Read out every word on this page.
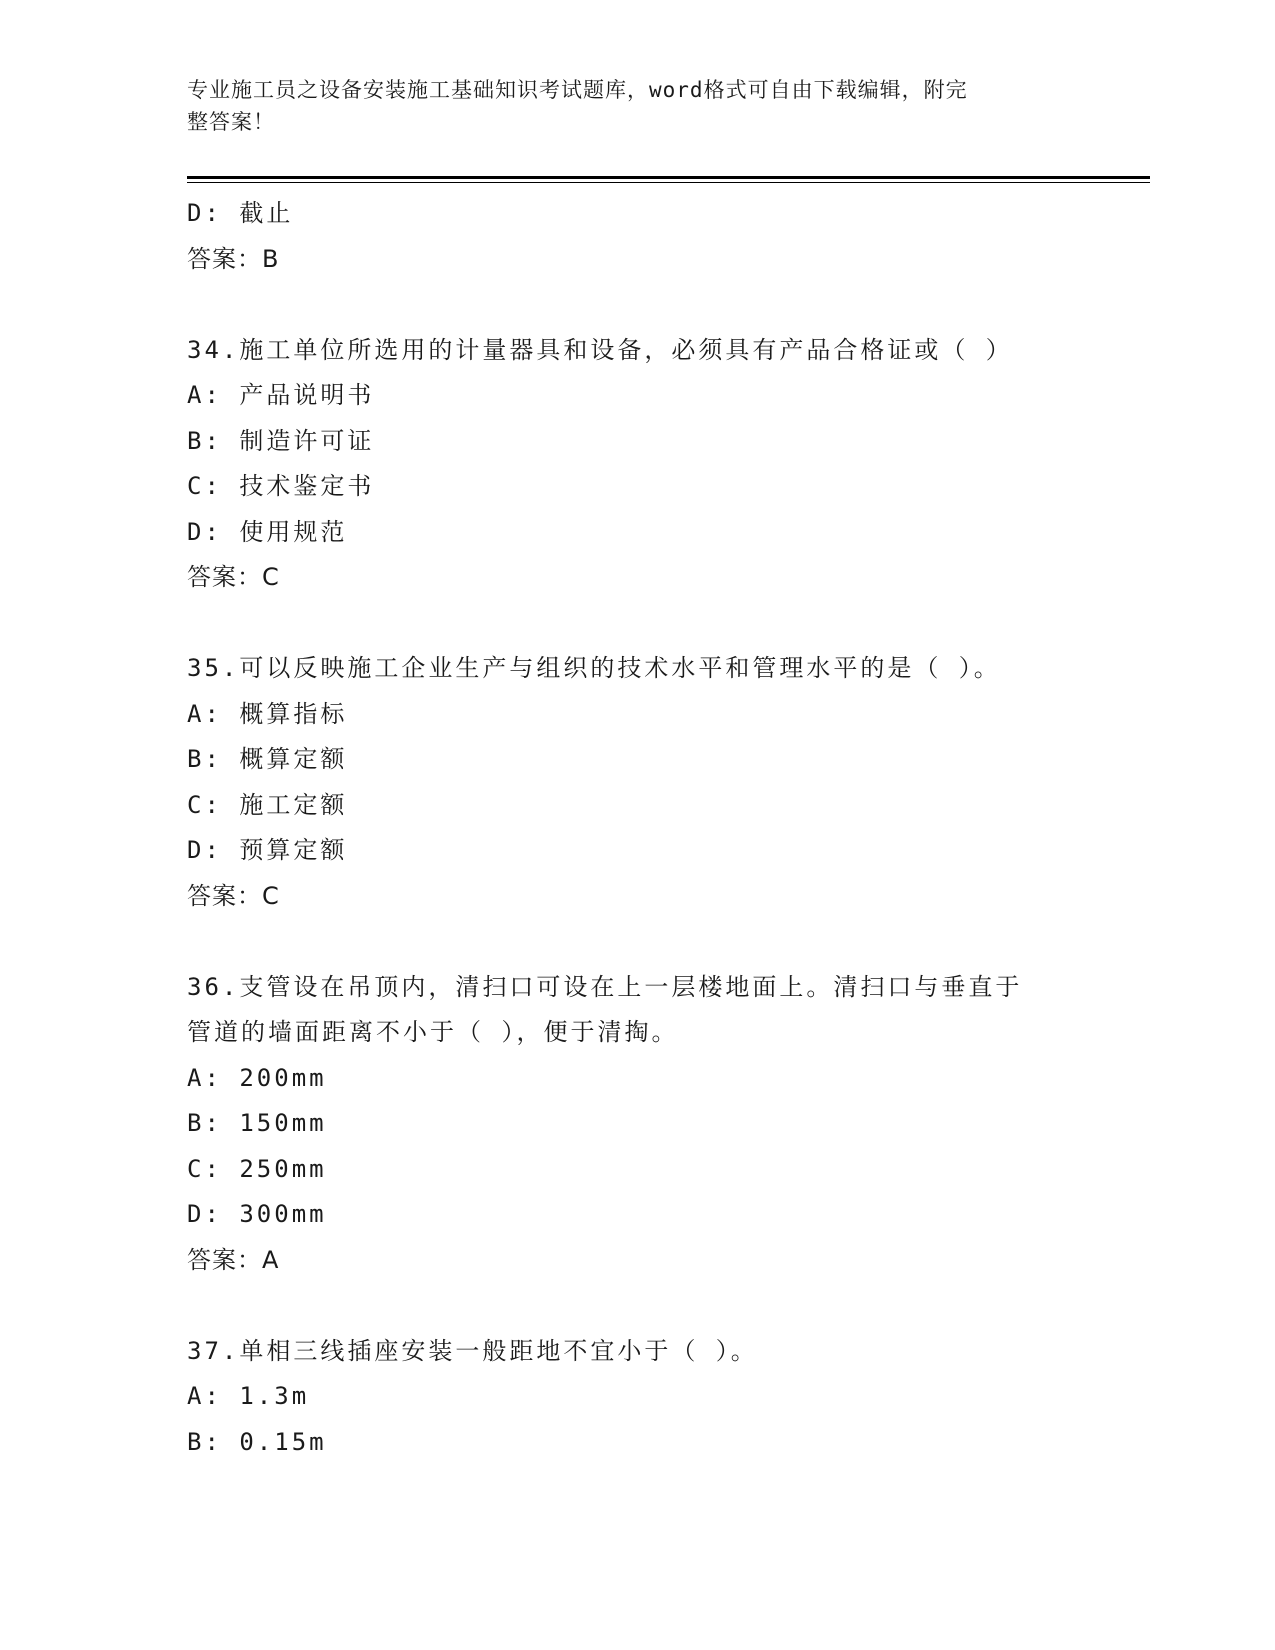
专业施工员之设备安装施工基础知识考试题库，word格式可自由下载编辑，附完
整答案！
D: 截止
答案：B
34.施工单位所选用的计量器具和设备，必须具有产品合格证或（ ）
A: 产品说明书
B: 制造许可证
C: 技术鉴定书
D: 使用规范
答案：C
35.可以反映施工企业生产与组织的技术水平和管理水平的是（ ）。
A: 概算指标
B: 概算定额
C: 施工定额
D: 预算定额
答案：C
36.支管设在吊顶内，清扫口可设在上一层楼地面上。清扫口与垂直于
管道的墙面距离不小于（ ），便于清掏。
A: 200mm
B: 150mm
C: 250mm
D: 300mm
答案：A
37.单相三线插座安装一般距地不宜小于（ ）。
A: 1.3m
B: 0.15m
